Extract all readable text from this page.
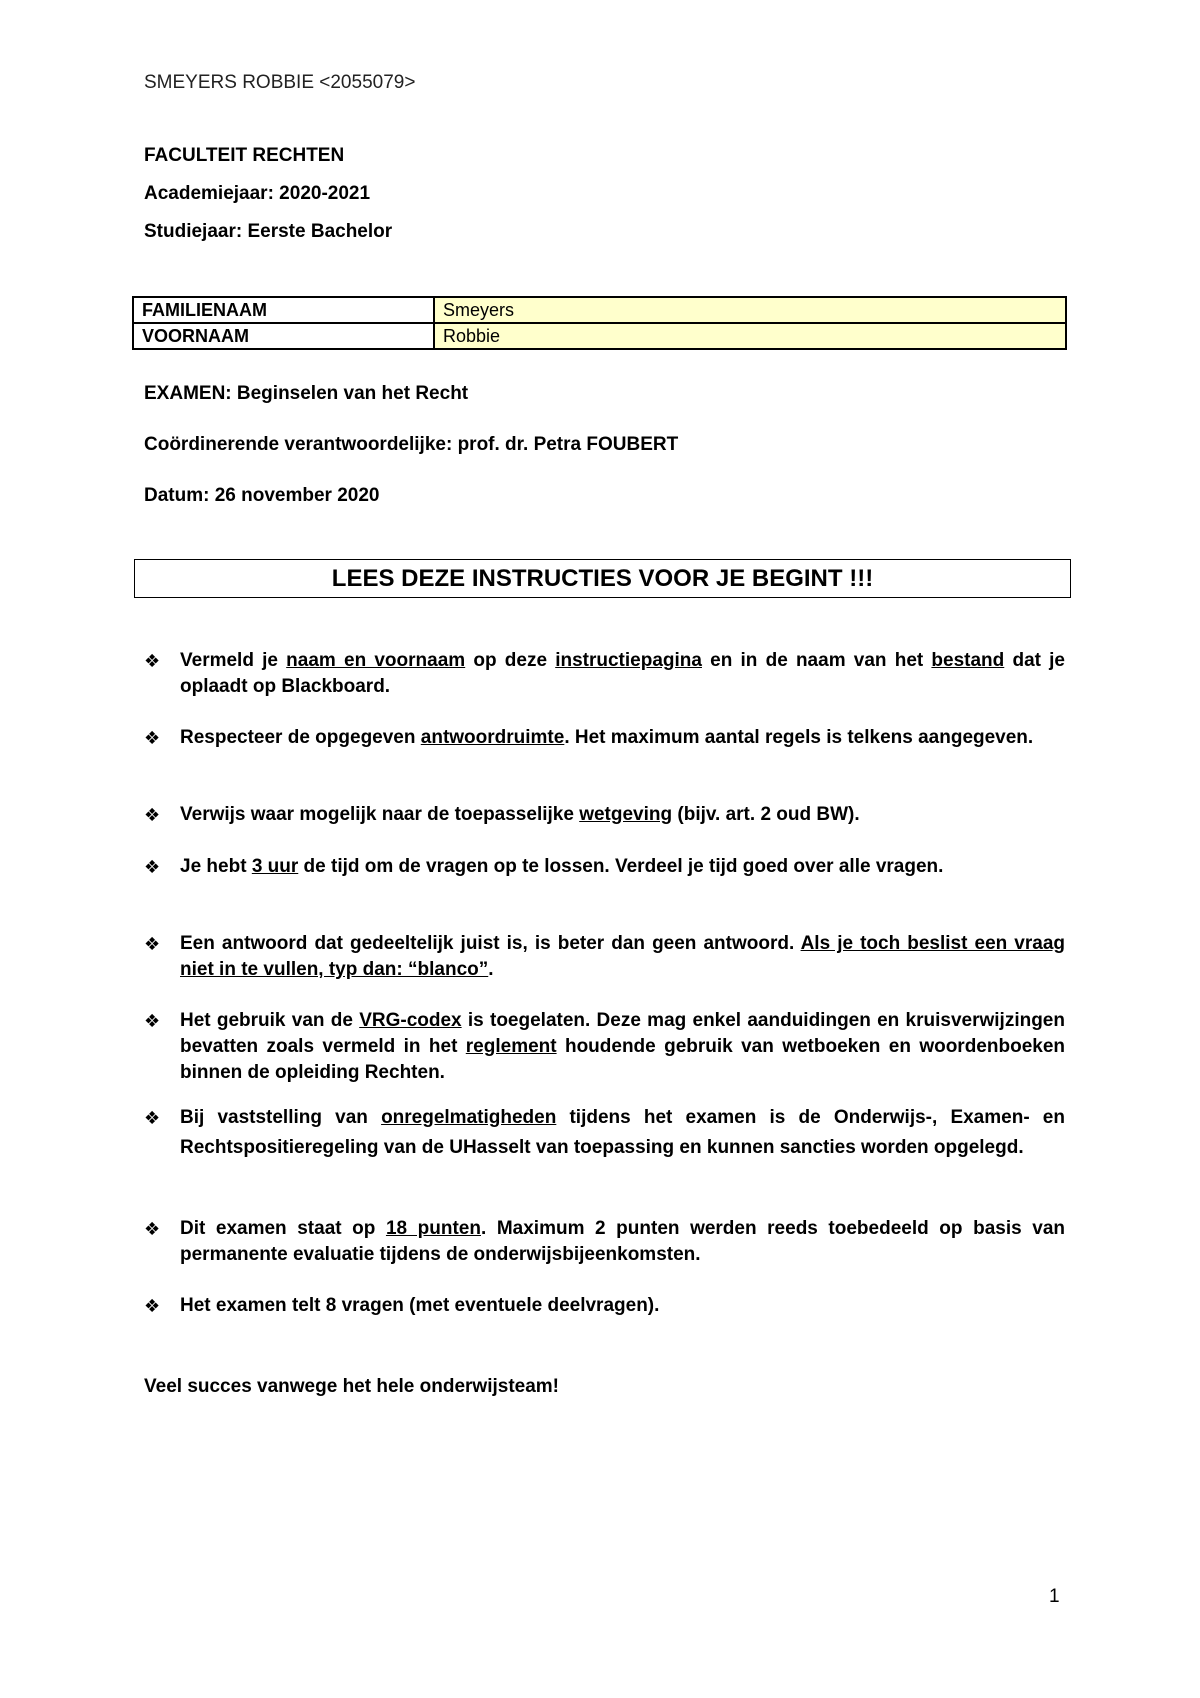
SMEYERS ROBBIE <2055079>
FACULTEIT RECHTEN
Academiejaar: 2020-2021
Studiejaar: Eerste Bachelor
FAMILIENAAM	Smeyers
VOORNAAM	Robbie
EXAMEN: Beginselen van het Recht
Coördinerende verantwoordelijke: prof. dr. Petra FOUBERT
Datum: 26 november 2020
LEES DEZE INSTRUCTIES VOOR JE BEGINT !!!
❖ Vermeld je naam en voornaam op deze instructiepagina en in de naam van het bestand dat je oplaadt op Blackboard.
❖ Respecteer de opgegeven antwoordruimte. Het maximum aantal regels is telkens aangegeven.
❖ Verwijs waar mogelijk naar de toepasselijke wetgeving (bijv. art. 2 oud BW).
❖ Je hebt 3 uur de tijd om de vragen op te lossen. Verdeel je tijd goed over alle vragen.
❖ Een antwoord dat gedeeltelijk juist is, is beter dan geen antwoord. Als je toch beslist een vraag niet in te vullen, typ dan: “blanco”.
❖ Het gebruik van de VRG-codex is toegelaten. Deze mag enkel aanduidingen en kruisverwijzingen bevatten zoals vermeld in het reglement houdende gebruik van wetboeken en woordenboeken binnen de opleiding Rechten.
❖ Bij vaststelling van onregelmatigheden tijdens het examen is de Onderwijs-, Examen- en Rechtspositieregeling van de UHasselt van toepassing en kunnen sancties worden opgelegd.
❖ Dit examen staat op 18 punten. Maximum 2 punten werden reeds toebedeeld op basis van permanente evaluatie tijdens de onderwijsbijeenkomsten.
❖ Het examen telt 8 vragen (met eventuele deelvragen).
Veel succes vanwege het hele onderwijsteam!
1
